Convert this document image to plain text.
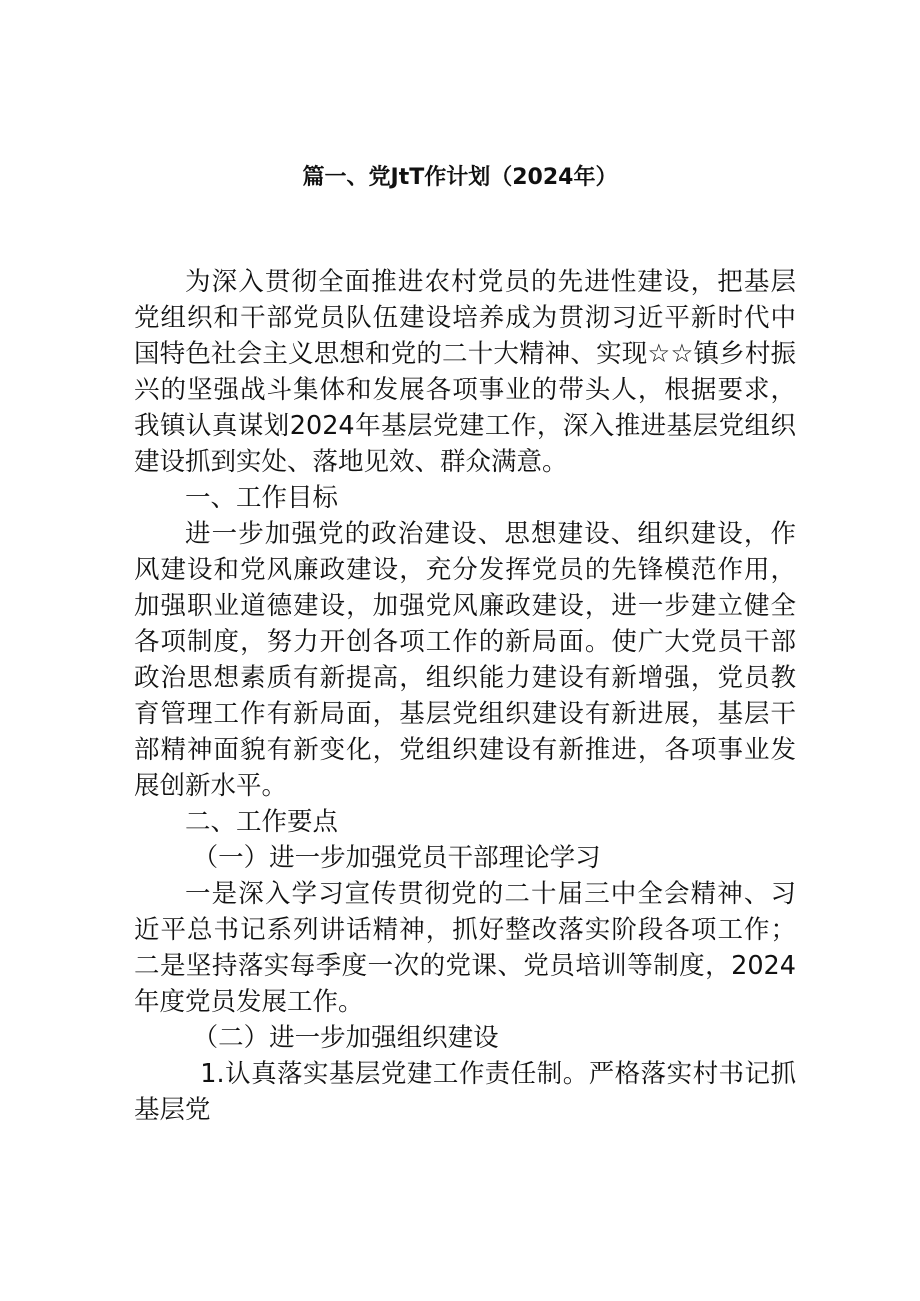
篇一、党JtT作计划（2024年）

为深入贯彻全面推进农村党员的先进性建设，把基层党组织和干部党员队伍建设培养成为贯沏习近平新时代中国特色社会主义思想和党的二十大精神、实现☆☆镇乡村振兴的坚强战斗集体和发展各项事业的带头人，根据要求，我镇认真谋划2024年基层党建工作，深入推进基层党组织建设抓到实处、落地见效、群众满意。

一、工作目标

进一步加强党的政治建设、思想建设、组织建设，作风建设和党风廉政建设，充分发挥党员的先锋模范作用，加强职业道德建设，加强党风廉政建设，进一步建立健全各项制度，努力开创各项工作的新局面。使广大党员干部政治思想素质有新提高，组织能力建设有新增强，党员教育管理工作有新局面，基层党组织建设有新进展，基层干部精神面貌有新变化，党组织建设有新推进，各项事业发展创新水平。

二、工作要点

（一）进一步加强党员干部理论学习

一是深入学习宣传贯彻党的二十届三中全会精神、习近平总书记系列讲话精神，抓好整改落实阶段各项工作；二是坚持落实每季度一次的党课、党员培训等制度，2024年度党员发展工作。

（二）进一步加强组织建设

1.认真落实基层党建工作责任制。严格落实村书记抓基层党
